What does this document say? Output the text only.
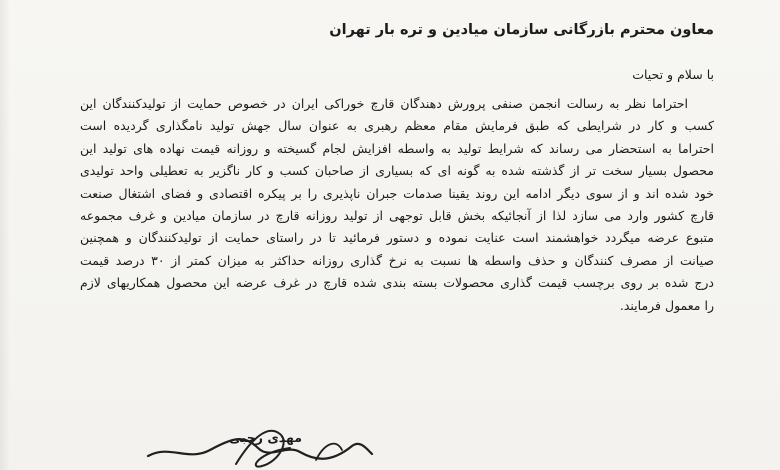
معاون محترم بازرگانی سازمان میادین و تره بار تهران
با سلام و تحیات
احتراما نظر به رسالت انجمن صنفی پرورش دهندگان قارچ خوراکی ایران در خصوص حمایت از تولیدکنندگان این
کسب و کار در شرایطی که طبق فرمایش مقام معظم رهبری به عنوان سال جهش تولید نامگذاری گردیده است
احتراما به استحضار می رساند که شرایط تولید به واسطه افزایش لجام گسیخته و روزانه قیمت نهاده های تولید این
محصول بسیار سخت تر از گذشته شده به گونه ای که بسیاری از صاحبان کسب و کار ناگزیر به تعطیلی واحد تولیدی
خود شده اند و از سوی دیگر ادامه این روند یقینا صدمات جبران ناپذیری را بر پیکره اقتصادی و فضای اشتغال صنعت
قارچ کشور وارد می سازد لذا از آنجائیکه بخش قابل توجهی از تولید روزانه قارچ در سازمان میادین و غرف مجموعه
متبوع عرضه میگردد خواهشمند است عنایت نموده و دستور فرمائید تا در راستای حمایت از تولیدکنندگان و همچنین
صیانت از مصرف کنندگان و حذف واسطه ها نسبت به نرخ گذاری روزانه حداکثر به میزان کمتر از ۳۰ درصد قیمت
درج شده بر روی برچسب قیمت گذاری محصولات بسته بندی شده قارچ در غرف عرضه این محصول همکاریهای لازم
را معمول فرمایند.
مهدی رجبی
